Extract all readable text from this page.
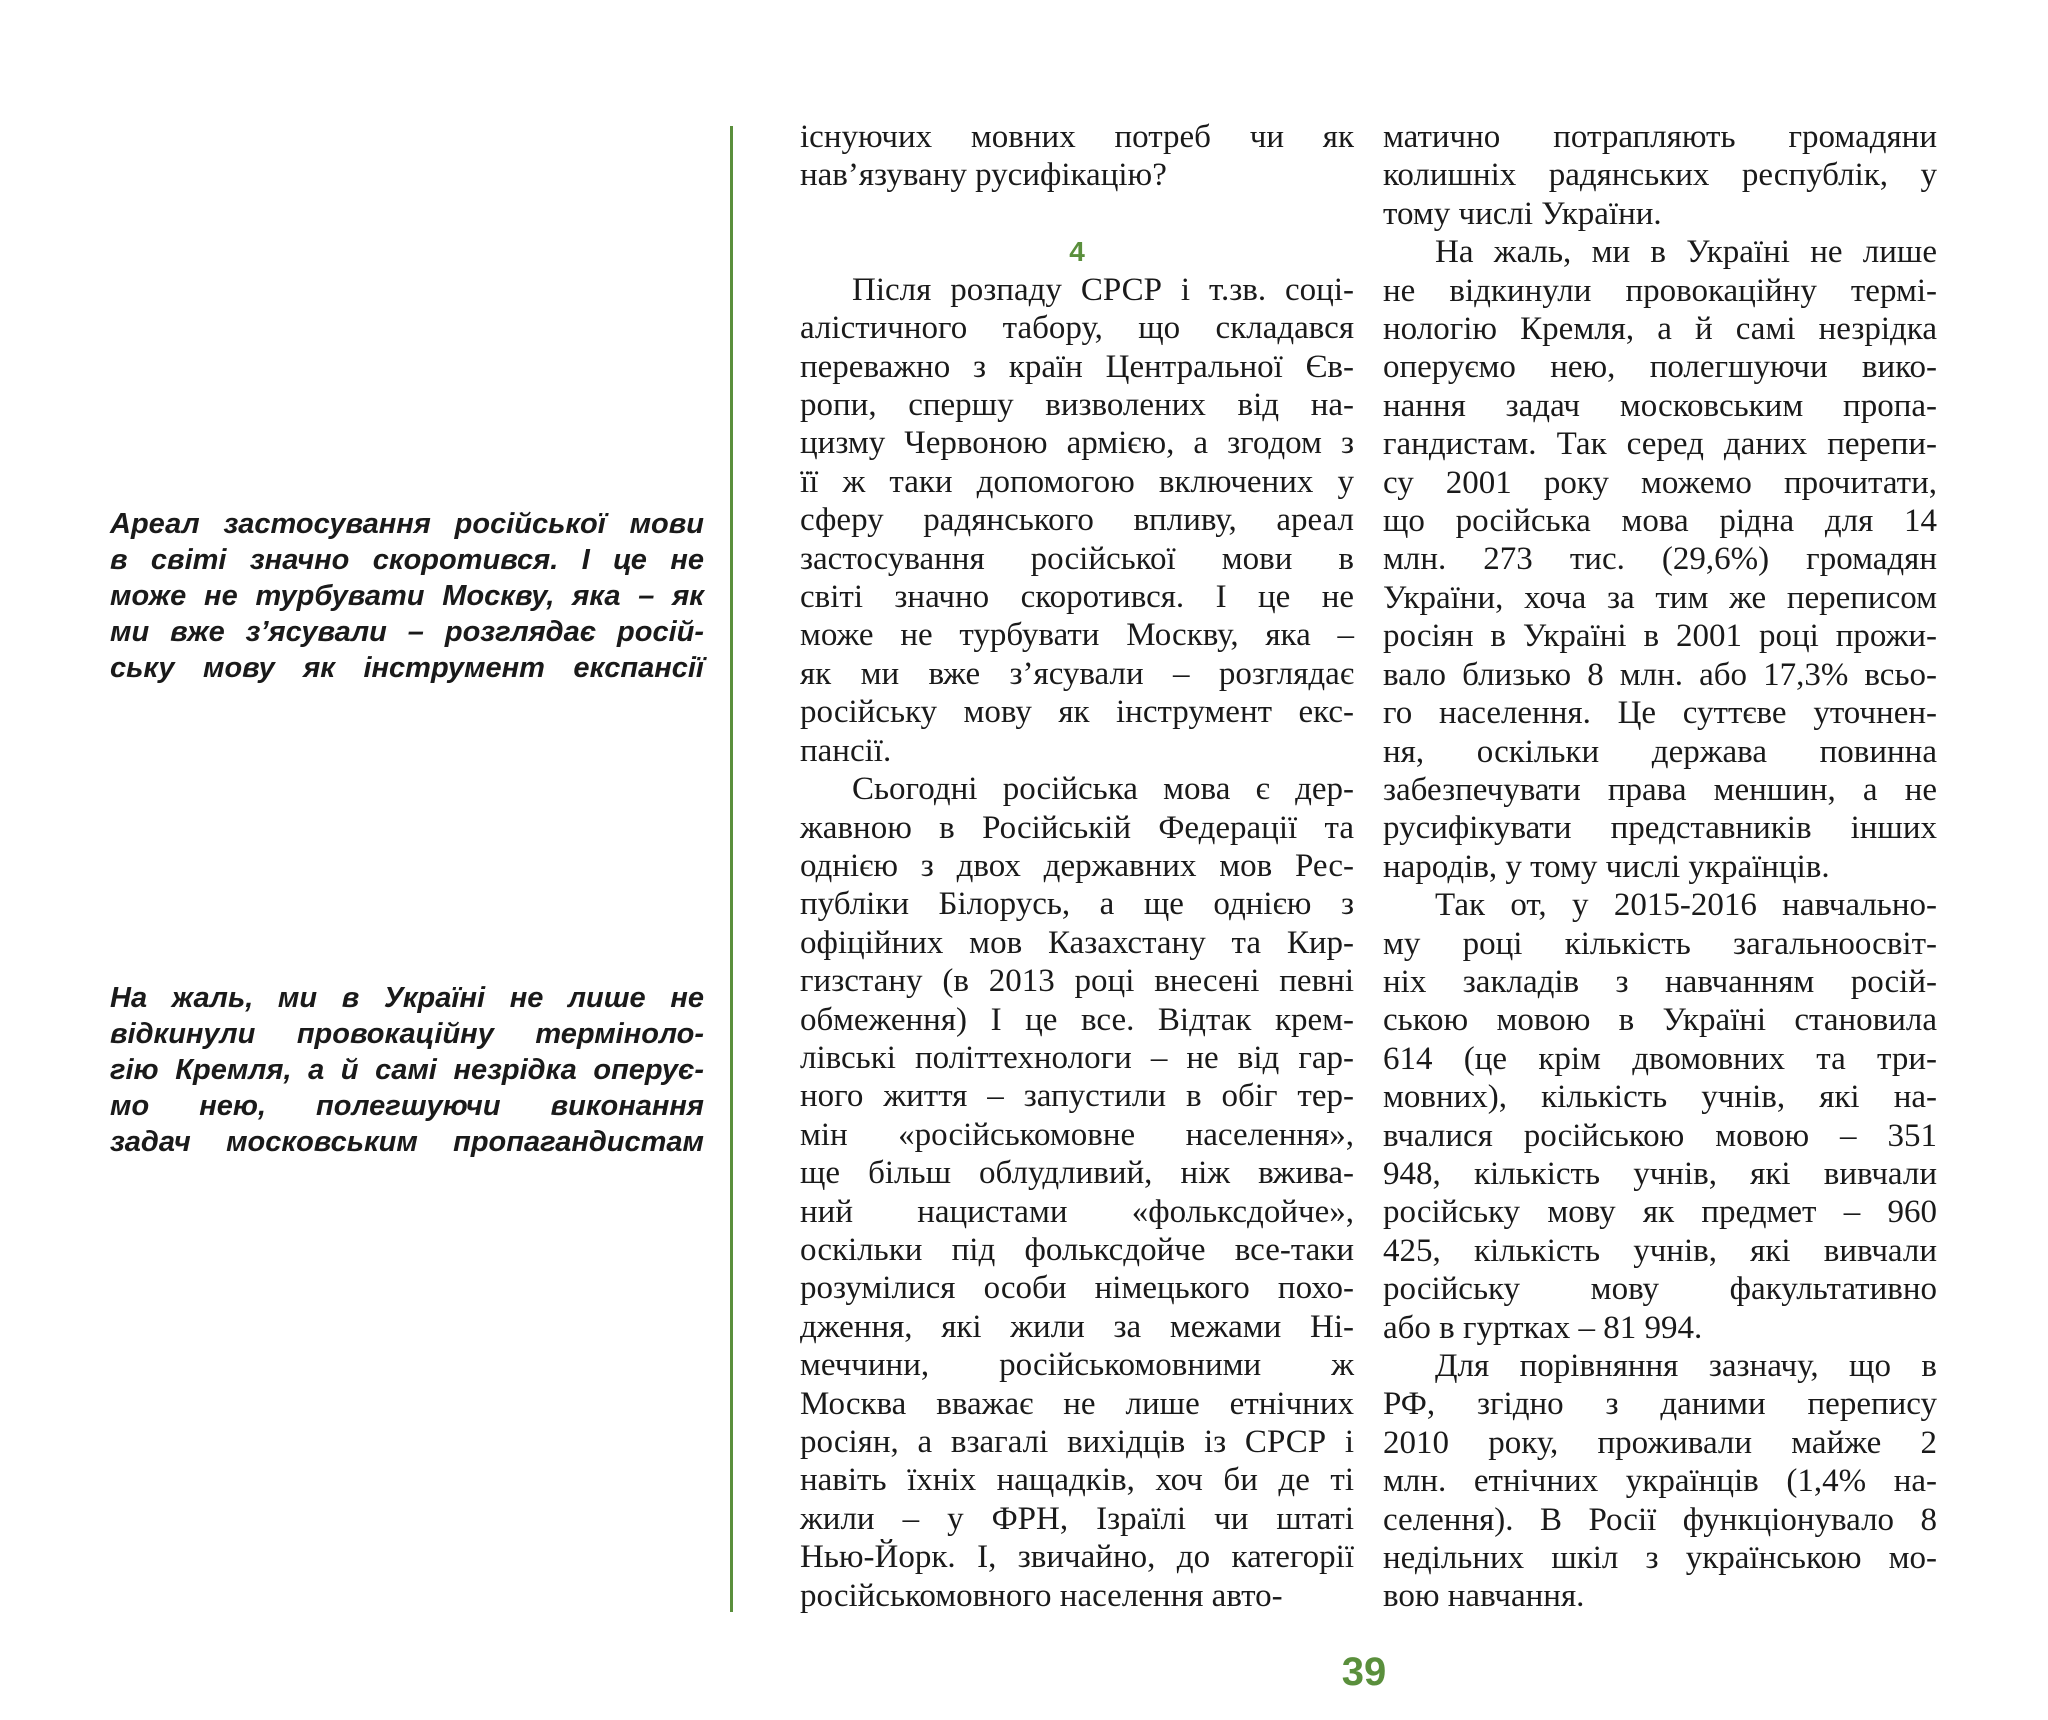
Ареал застосування російської мови
в світі значно скоротився. І це не
може не турбувати Москву, яка – як
ми вже з’ясували – розглядає росій-
ську мову як інструмент експансії
На жаль, ми в Україні не лише не
відкинули провокаційну терміноло-
гію Кремля, а й самі незрідка оперує-
мо нею, полегшуючи виконання
задач московським пропагандистам
існуючих мовних потреб чи як
нав’язувану русифікацію?
4
Після розпаду СРСР і т.зв. соці-
алістичного табору, що складався
переважно з країн Центральної Єв-
ропи, спершу визволених від на-
цизму Червоною армією, а згодом з
її ж таки допомогою включених у
сферу радянського впливу, ареал
застосування російської мови в
світі значно скоротився. І це не
може не турбувати Москву, яка –
як ми вже з’ясували – розглядає
російську мову як інструмент екс-
пансії.
Сьогодні російська мова є дер-
жавною в Російській Федерації та
однією з двох державних мов Рес-
публіки Білорусь, а ще однією з
офіційних мов Казахстану та Кир-
гизстану (в 2013 році внесені певні
обмеження) І це все. Відтак крем-
лівські політтехнологи – не від гар-
ного життя – запустили в обіг тер-
мін «російськомовне населення»,
ще більш облудливий, ніж вжива-
ний нацистами «фольксдойче»,
оскільки під фольксдойче все-таки
розумілися особи німецького похо-
дження, які жили за межами Ні-
меччини, російськомовними ж
Москва вважає не лише етнічних
росіян, а взагалі вихідців із СРСР і
навіть їхніх нащадків, хоч би де ті
жили – у ФРН, Ізраїлі чи штаті
Нью-Йорк. І, звичайно, до категорії
російськомовного населення авто-
матично потрапляють громадяни
колишніх радянських республік, у
тому числі України.
На жаль, ми в Україні не лише
не відкинули провокаційну термі-
нологію Кремля, а й самі незрідка
оперуємо нею, полегшуючи вико-
нання задач московським пропа-
гандистам. Так серед даних перепи-
су 2001 року можемо прочитати,
що російська мова рідна для 14
млн. 273 тис. (29,6%) громадян
України, хоча за тим же переписом
росіян в Україні в 2001 році прожи-
вало близько 8 млн. або 17,3% всьо-
го населення. Це суттєве уточнен-
ня, оскільки держава повинна
забезпечувати права меншин, а не
русифікувати представників інших
народів, у тому числі українців.
Так от, у 2015-2016 навчально-
му році кількість загальноосвіт-
ніх закладів з навчанням росій-
ською мовою в Україні становила
614 (це крім двомовних та три-
мовних), кількість учнів, які на-
вчалися російською мовою – 351
948, кількість учнів, які вивчали
російську мову як предмет – 960
425, кількість учнів, які вивчали
російську мову факультативно
або в гуртках – 81 994.
Для порівняння зазначу, що в
РФ, згідно з даними перепису
2010 року, проживали майже 2
млн. етнічних українців (1,4% на-
селення). В Росії функціонувало 8
недільних шкіл з українською мо-
вою навчання.
39
